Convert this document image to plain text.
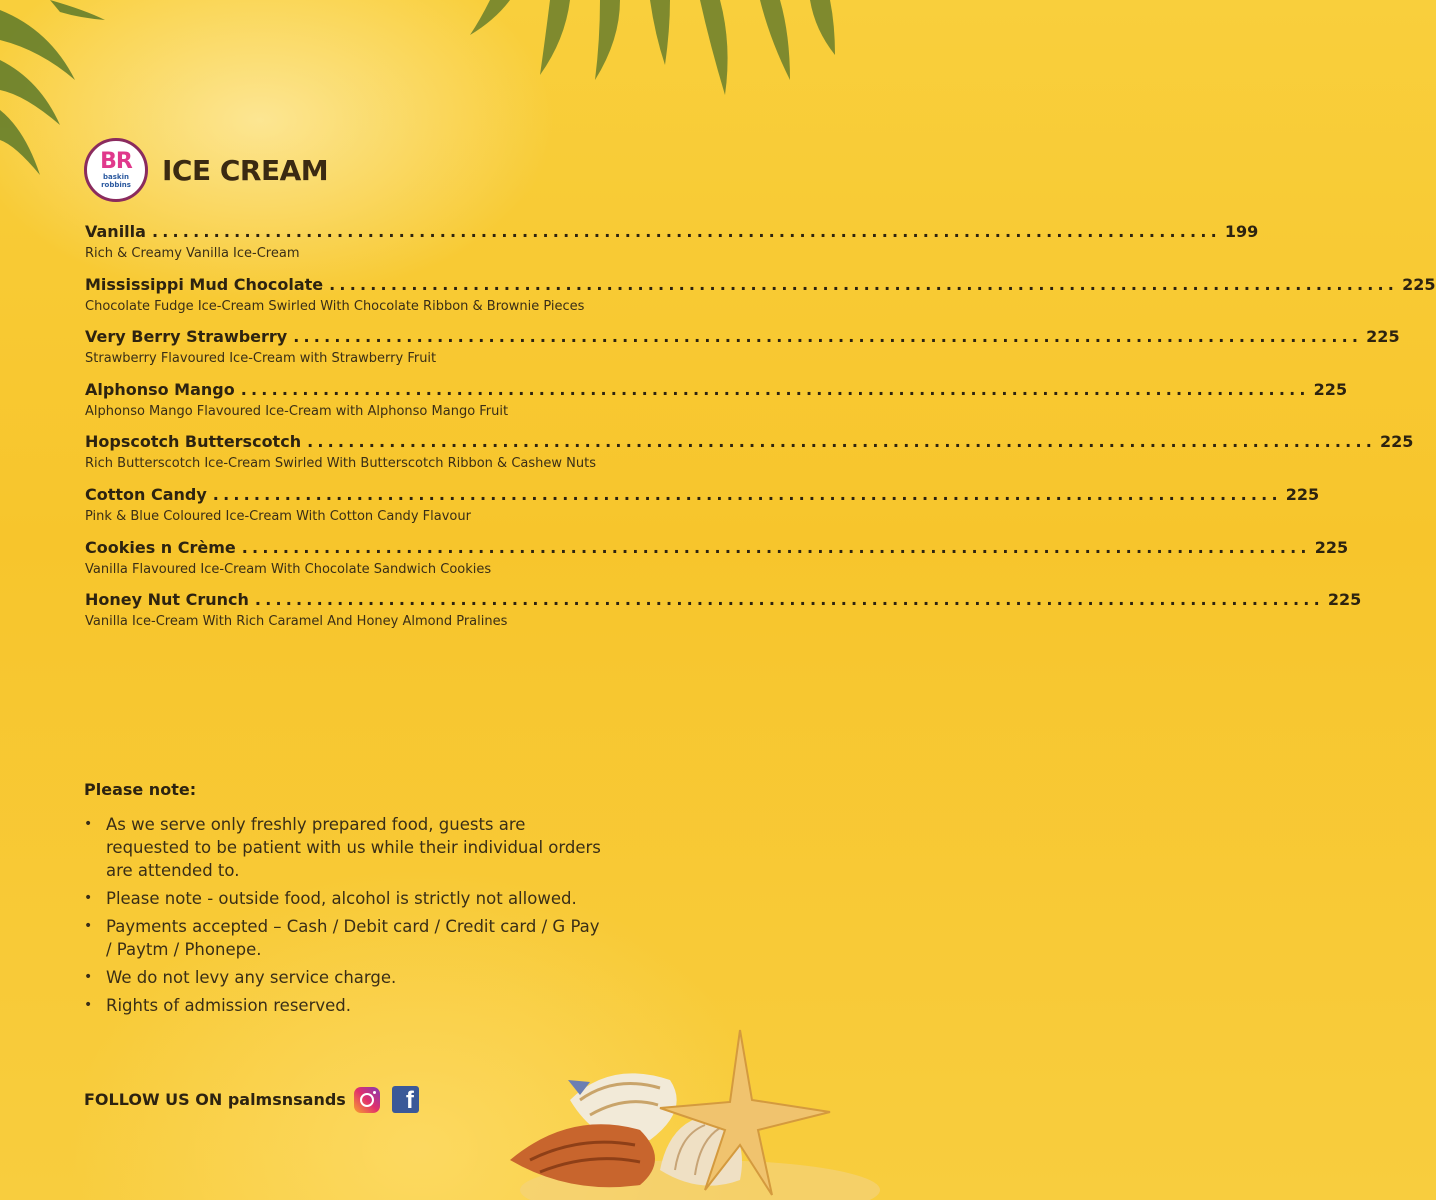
BR
baskin robbins	ICE CREAM
Vanilla ........................................................................................................ 199
Rich & Creamy Vanilla Ice-Cream
Mississippi Mud Chocolate ........................................................................................................ 225
Chocolate Fudge Ice-Cream Swirled With Chocolate Ribbon & Brownie Pieces
Very Berry Strawberry ........................................................................................................ 225
Strawberry Flavoured Ice-Cream with Strawberry Fruit
Alphonso Mango ........................................................................................................ 225
Alphonso Mango Flavoured Ice-Cream with Alphonso Mango Fruit
Hopscotch Butterscotch ........................................................................................................ 225
Rich Butterscotch Ice-Cream Swirled With Butterscotch Ribbon & Cashew Nuts
Cotton Candy ........................................................................................................ 225
Pink & Blue Coloured Ice-Cream With Cotton Candy Flavour
Cookies n Crème ........................................................................................................ 225
Vanilla Flavoured Ice-Cream With Chocolate Sandwich Cookies
Honey Nut Crunch ........................................................................................................ 225
Vanilla Ice-Cream With Rich Caramel And Honey Almond Pralines
Please note:
• As we serve only freshly prepared food, guests are requested to be patient with us while their individual orders are attended to.
• Please note - outside food, alcohol is strictly not allowed.
• Payments accepted – Cash / Debit card / Credit card / G Pay / Paytm / Phonepe.
• We do not levy any service charge.
• Rights of admission reserved.
FOLLOW US ON palmsnsands	f
